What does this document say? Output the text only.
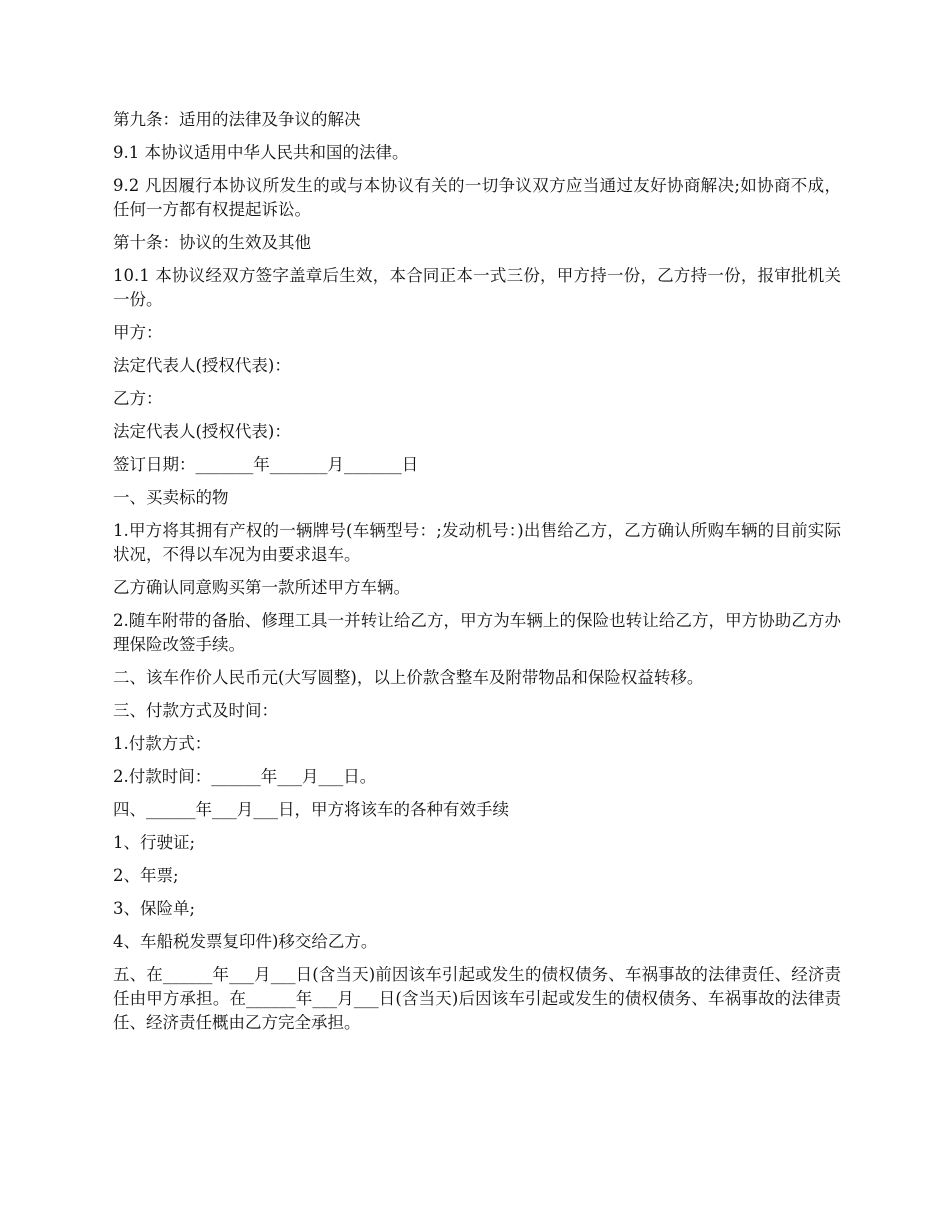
第九条：适用的法律及争议的解决

9.1 本协议适用中华人民共和国的法律。

9.2 凡因履行本协议所发生的或与本协议有关的一切争议双方应当通过友好协商解决;如协商不成，任何一方都有权提起诉讼。

第十条：协议的生效及其他

10.1 本协议经双方签字盖章后生效，本合同正本一式三份，甲方持一份，乙方持一份，报审批机关一份。

甲方：

法定代表人(授权代表)：

乙方：

法定代表人(授权代表)：

签订日期：_______年_______月_______日

一、买卖标的物

1.甲方将其拥有产权的一辆牌号(车辆型号：;发动机号：)出售给乙方，乙方确认所购车辆的目前实际状况，不得以车况为由要求退车。

乙方确认同意购买第一款所述甲方车辆。

2.随车附带的备胎、修理工具一并转让给乙方，甲方为车辆上的保险也转让给乙方，甲方协助乙方办理保险改签手续。

二、该车作价人民币元(大写圆整)，以上价款含整车及附带物品和保险权益转移。

三、付款方式及时间：

1.付款方式：

2.付款时间：______年___月___日。

四、______年___月___日，甲方将该车的各种有效手续

1、行驶证;

2、年票;

3、保险单;

4、车船税发票复印件)移交给乙方。

五、在______年___月___日(含当天)前因该车引起或发生的债权债务、车祸事故的法律责任、经济责任由甲方承担。在______年___月___日(含当天)后因该车引起或发生的债权债务、车祸事故的法律责任、经济责任概由乙方完全承担。
